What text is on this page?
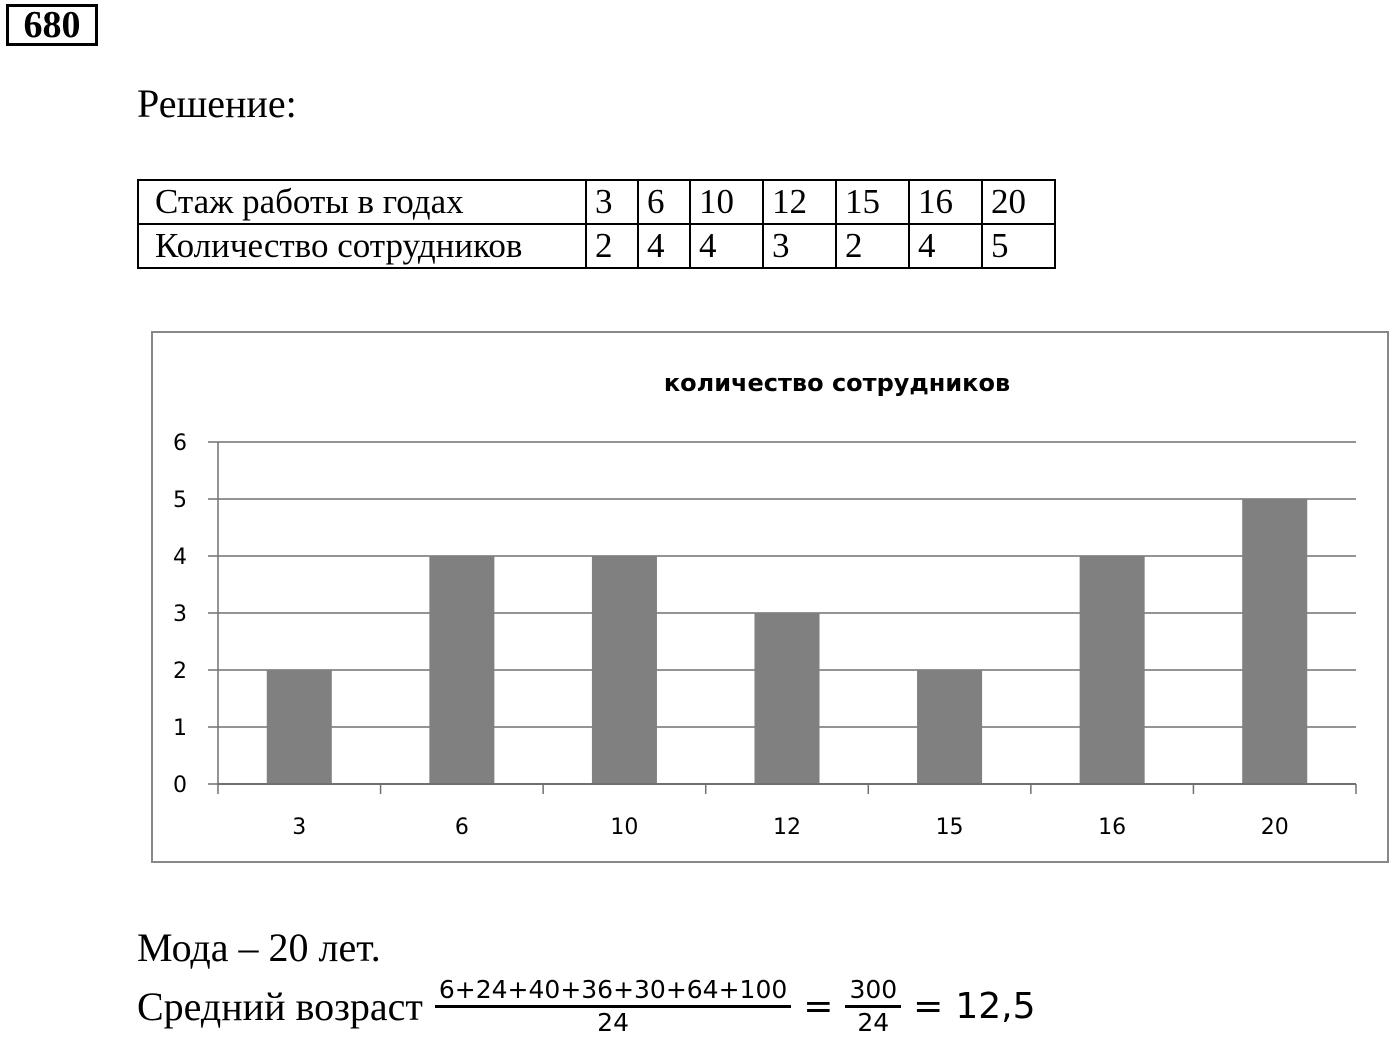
680
Решение:
Стаж работы в годах	3	6	10	12	15	16	20
Количество сотрудников	2	4	4	3	2	4	5
количество сотрудников
0
1
2
3
4
5
6
3	6	10	12	15	16	20
Мода – 20 лет.
Средний возраст $\frac{6+24+40+36+30+64+100}{24} = \frac{300}{24} = 12,5$
